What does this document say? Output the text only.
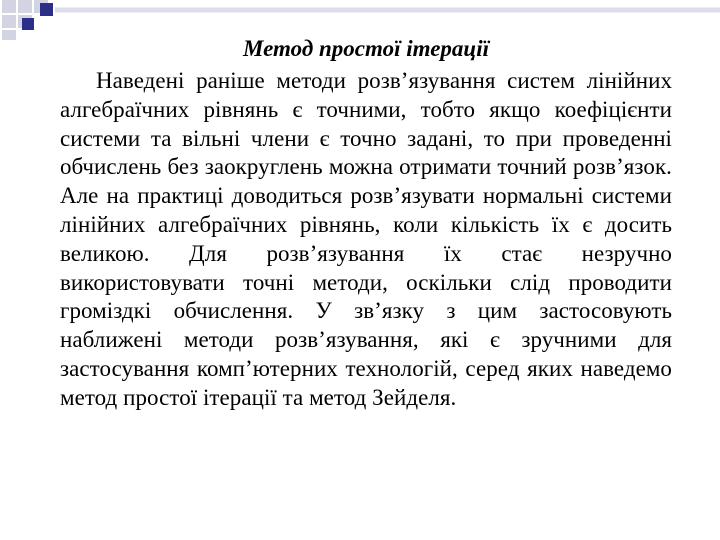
Метод простої ітерації

Наведені раніше методи розв’язування систем лінійних алгебраїчних рівнянь є точними, тобто якщо коефіцієнти системи та вільні члени є точно задані, то при проведенні обчислень без заокруглень можна отримати точний розв’язок. Але на практиці доводиться розв’язувати нормальні системи лінійних алгебраїчних рівнянь, коли кількість їх є досить великою. Для розв’язування їх стає незручно використовувати точні методи, оскільки слід проводити громіздкі обчислення. У зв’язку з цим застосовують наближені методи розв’язування, які є зручними для застосування комп’ютерних технологій, серед яких наведемо метод простої ітерації та метод Зейделя.
